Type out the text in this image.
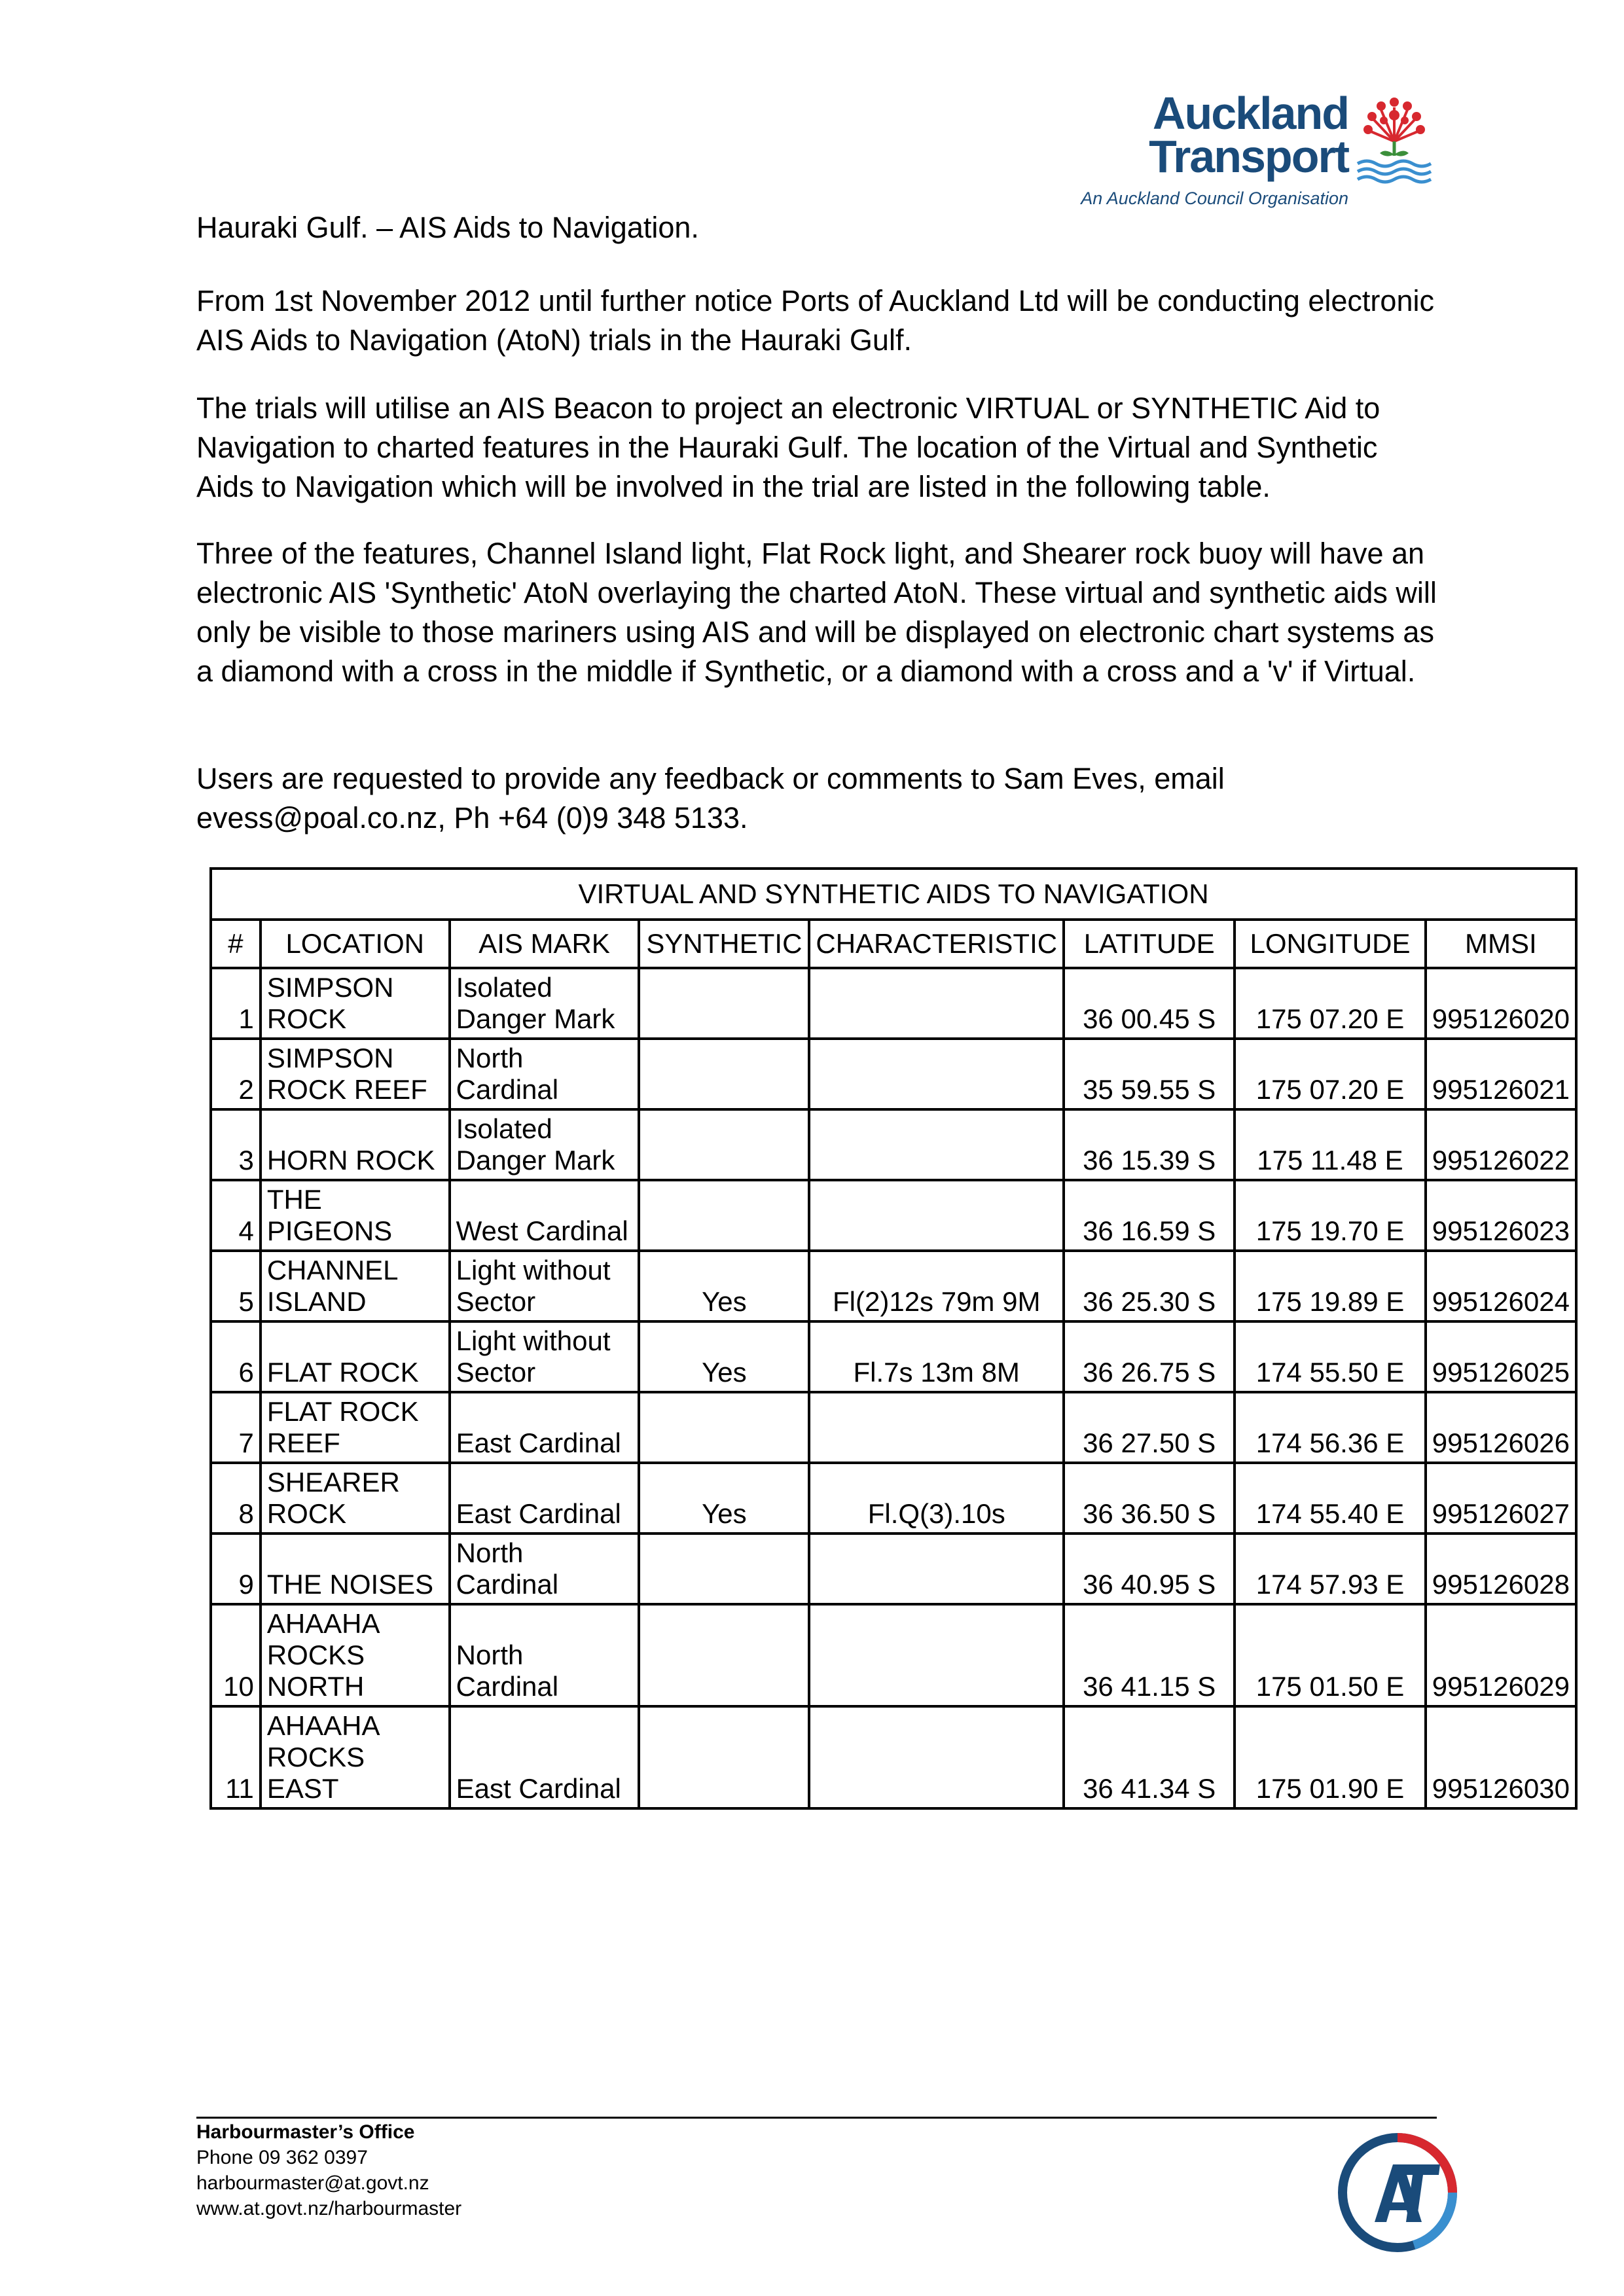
Auckland
Transport
An Auckland Council Organisation
Hauraki Gulf. – AIS Aids to Navigation.

From 1st November 2012 until further notice Ports of Auckland Ltd will be conducting electronic AIS Aids to Navigation (AtoN) trials in the Hauraki Gulf.

The trials will utilise an AIS Beacon to project an electronic VIRTUAL or SYNTHETIC Aid to Navigation to charted features in the Hauraki Gulf. The location of the Virtual and Synthetic Aids to Navigation which will be involved in the trial are listed in the following table.

Three of the features, Channel Island light, Flat Rock light, and Shearer rock buoy will have an electronic AIS 'Synthetic' AtoN overlaying the charted AtoN. These virtual and synthetic aids will only be visible to those mariners using AIS and will be displayed on electronic chart systems as a diamond with a cross in the middle if Synthetic, or a diamond with a cross and a 'v' if Virtual.

Users are requested to provide any feedback or comments to Sam Eves, email evess@poal.co.nz, Ph +64 (0)9 348 5133.

VIRTUAL AND SYNTHETIC AIDS TO NAVIGATION							
#	LOCATION	AIS MARK	SYNTHETIC	CHARACTERISTIC	LATITUDE	LONGITUDE	MMSI
1	SIMPSON ROCK	Isolated Danger Mark			36 00.45 S	175 07.20 E	995126020
2	SIMPSON ROCK REEF	North Cardinal			35 59.55 S	175 07.20 E	995126021
3	HORN ROCK	Isolated Danger Mark			36 15.39 S	175 11.48 E	995126022
4	THE PIGEONS	West Cardinal			36 16.59 S	175 19.70 E	995126023
5	CHANNEL ISLAND	Light without Sector	Yes	Fl(2)12s 79m 9M	36 25.30 S	175 19.89 E	995126024
6	FLAT ROCK	Light without Sector	Yes	Fl.7s 13m 8M	36 26.75 S	174 55.50 E	995126025
7	FLAT ROCK REEF	East Cardinal			36 27.50 S	174 56.36 E	995126026
8	SHEARER ROCK	East Cardinal	Yes	Fl.Q(3).10s	36 36.50 S	174 55.40 E	995126027
9	THE NOISES	North Cardinal			36 40.95 S	174 57.93 E	995126028
10	AHAAHA ROCKS NORTH	North Cardinal			36 41.15 S	175 01.50 E	995126029
11	AHAAHA ROCKS EAST	East Cardinal			36 41.34 S	175 01.90 E	995126030
Harbourmaster’s Office
Phone 09 362 0397
harbourmaster@at.govt.nz
www.at.govt.nz/harbourmaster
